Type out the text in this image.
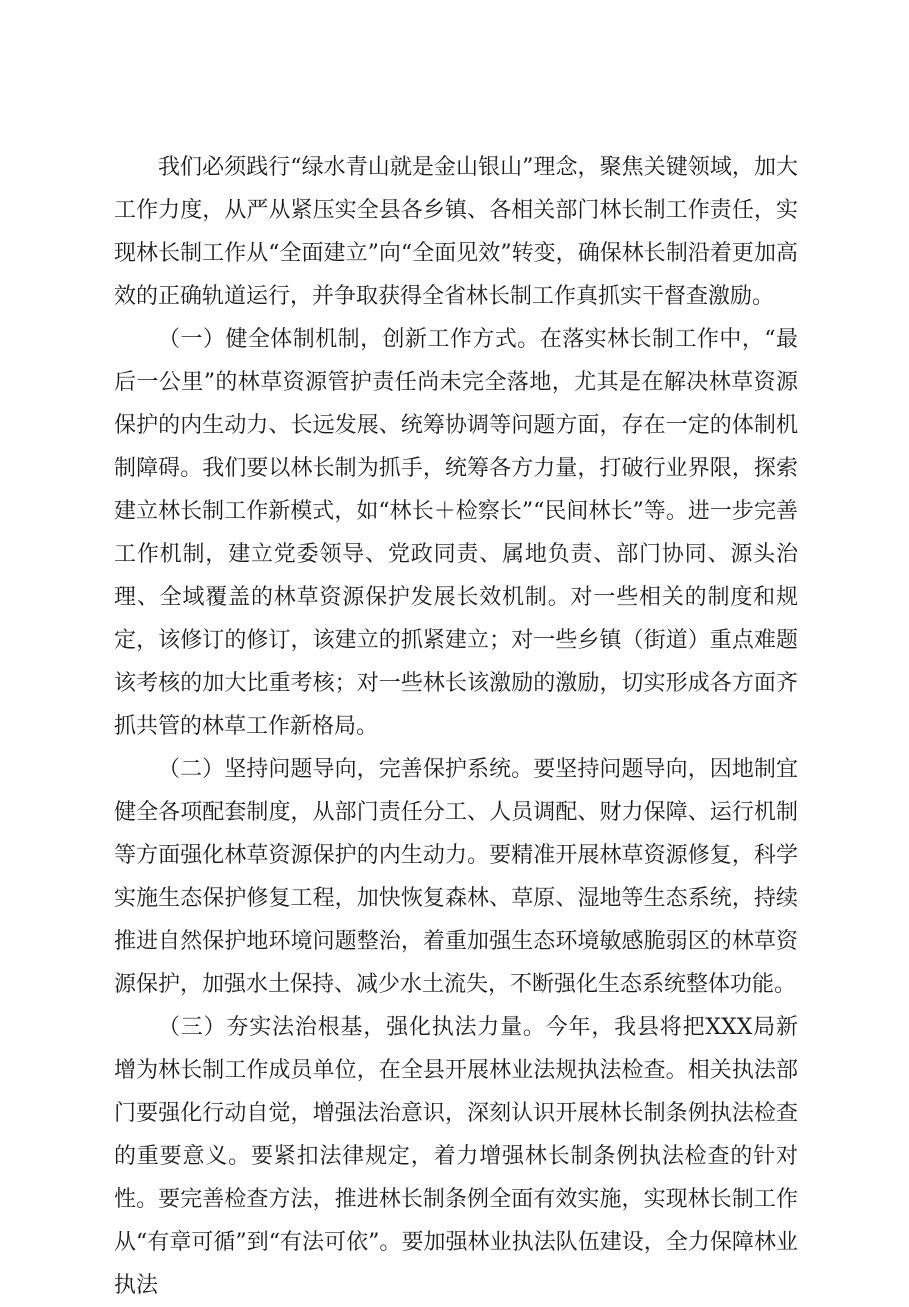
我们必须践行“绿水青山就是金山银山”理念，聚焦关键领域，加大工作力度，从严从紧压实全县各乡镇、各相关部门林长制工作责任，实现林长制工作从“全面建立”向“全面见效”转变，确保林长制沿着更加高效的正确轨道运行，并争取获得全省林长制工作真抓实干督查激励。

（一）健全体制机制，创新工作方式。在落实林长制工作中，“最后一公里”的林草资源管护责任尚未完全落地，尤其是在解决林草资源保护的内生动力、长远发展、统筹协调等问题方面，存在一定的体制机制障碍。我们要以林长制为抓手，统筹各方力量，打破行业界限，探索建立林长制工作新模式，如“林长＋检察长”“民间林长”等。进一步完善工作机制，建立党委领导、党政同责、属地负责、部门协同、源头治理、全域覆盖的林草资源保护发展长效机制。对一些相关的制度和规定，该修订的修订，该建立的抓紧建立；对一些乡镇（街道）重点难题该考核的加大比重考核；对一些林长该激励的激励，切实形成各方面齐抓共管的林草工作新格局。

（二）坚持问题导向，完善保护系统。要坚持问题导向，因地制宜健全各项配套制度，从部门责任分工、人员调配、财力保障、运行机制等方面强化林草资源保护的内生动力。要精准开展林草资源修复，科学实施生态保护修复工程，加快恢复森林、草原、湿地等生态系统，持续推进自然保护地环境问题整治，着重加强生态环境敏感脆弱区的林草资源保护，加强水土保持、减少水土流失，不断强化生态系统整体功能。

（三）夯实法治根基，强化执法力量。今年，我县将把XXX局新增为林长制工作成员单位，在全县开展林业法规执法检查。相关执法部门要强化行动自觉，增强法治意识，深刻认识开展林长制条例执法检查的重要意义。要紧扣法律规定，着力增强林长制条例执法检查的针对性。要完善检查方法，推进林长制条例全面有效实施，实现林长制工作从“有章可循”到“有法可依”。要加强林业执法队伍建设，全力保障林业执法
